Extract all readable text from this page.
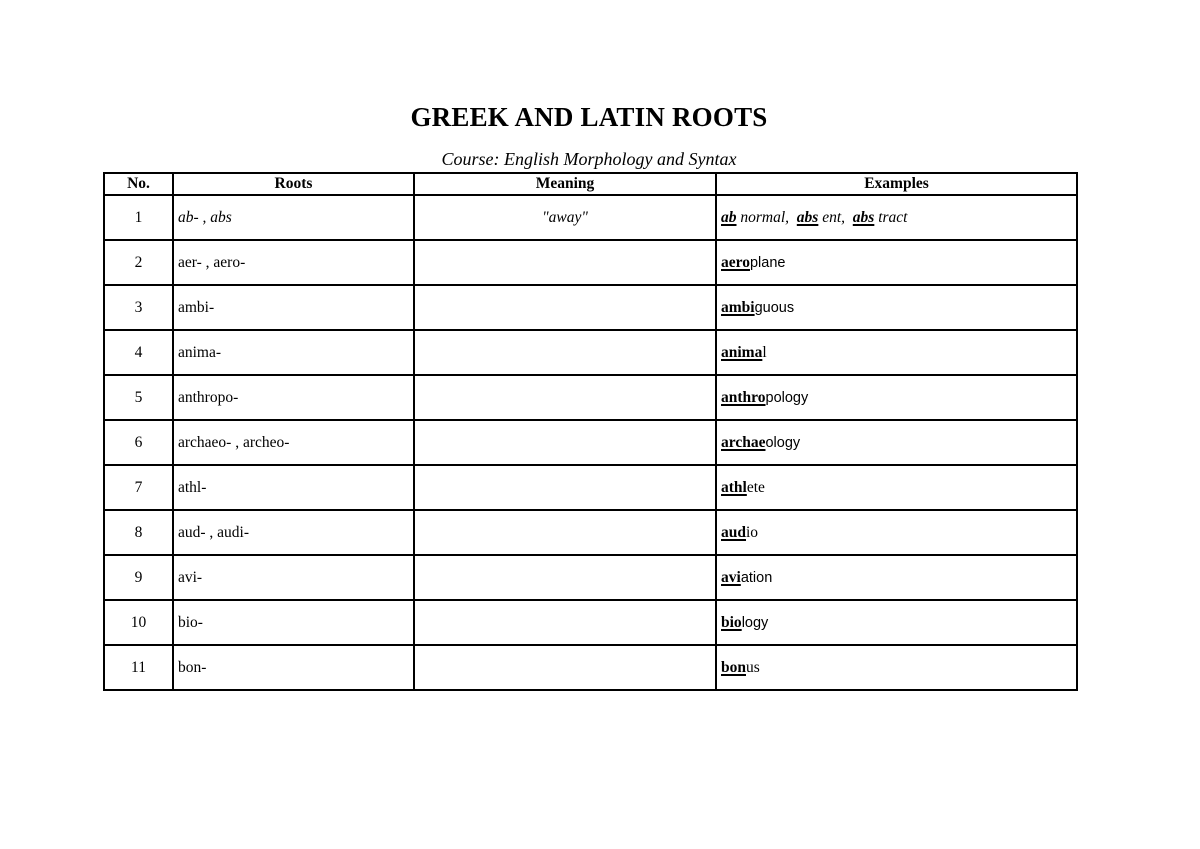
GREEK AND LATIN ROOTS
Course: English Morphology and Syntax
No.	Roots	Meaning	Examples
1	ab- , abs	"away"	ab normal,  abs ent,  abs tract
2	aer- , aero-		aeroplane
3	ambi-		ambiguous
4	anima-		animal
5	anthropo-		anthropology
6	archaeo- , archeo-		archaeology
7	athl-		athlete
8	aud- , audi-		audio
9	avi-		aviation
10	bio-		biology
11	bon-		bonus
